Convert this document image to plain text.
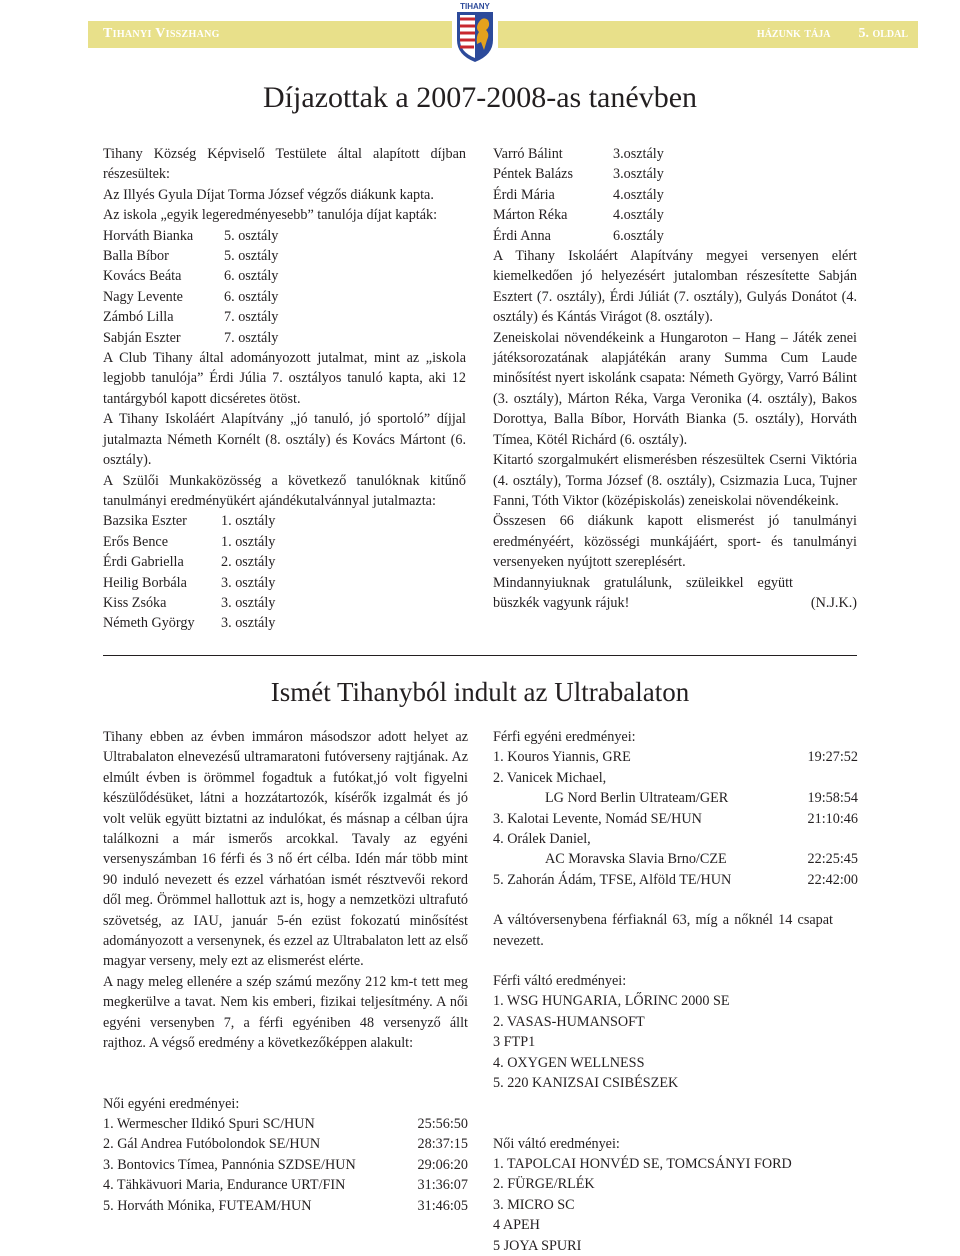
Tihanyi Visszhang	házunk tája 5. oldal
TIHANY
Díjazottak a 2007-2008-as tanévben

Tihany Község Képviselő Testülete által alapított díjban részesültek:

Az Illyés Gyula Díjat Torma József végzős diákunk kapta.

Az iskola „egyik legeredményesebb” tanulója díjat kapták:

Horváth Bianka	5. osztály
Balla Bíbor	5. osztály
Kovács Beáta	6. osztály
Nagy Levente	6. osztály
Zámbó Lilla	7. osztály
Sabján Eszter	7. osztály

A Club Tihany által adományozott jutalmat, mint az „iskola legjobb tanulója” Érdi Júlia 7. osztályos tanuló kapta, aki 12 tantárgyból kapott dicséretes ötöst.

A Tihany Iskoláért Alapítvány „jó tanuló, jó sportoló” díjjal jutalmazta Németh Kornélt (8. osztály) és Kovács Mártont (6. osztály).

A Szülői Munkaközösség a következő tanulóknak kitűnő tanulmányi eredményükért ajándékutalvánnyal jutalmazta:

Bazsika Eszter	1. osztály
Erős Bence	1. osztály
Érdi Gabriella	2. osztály
Heilig Borbála	3. osztály
Kiss Zsóka	3. osztály
Németh György	3. osztály
Varró Bálint	3.osztály
Péntek Balázs	3.osztály
Érdi Mária	4.osztály
Márton Réka	4.osztály
Érdi Anna	6.osztály

A Tihany Iskoláért Alapítvány megyei versenyen elért kiemelkedően jó helyezésért jutalomban részesítette Sabján Esztert (7. osztály), Érdi Júliát (7. osztály), Gulyás Donátot (4. osztály) és Kántás Virágot (8. osztály).

Zeneiskolai növendékeink a Hungaroton – Hang – Játék zenei játéksorozatának alapjátékán arany Summa Cum Laude minősítést nyert iskolánk csapata: Németh György, Varró Bálint (3. osztály), Márton Réka, Varga Veronika (4. osztály), Bakos Dorottya, Balla Bíbor, Horváth Bianka (5. osztály), Horváth Tímea, Kötél Richárd (6. osztály).

Kitartó szorgalmukért elismerésben részesültek Cserni Viktória (4. osztály), Torma József (8. osztály), Csizmazia Luca, Tujner Fanni, Tóth Viktor (középiskolás) zeneiskolai növendékeink.

Összesen 66 diákunk kapott elismerést jó tanulmányi eredményéért, közösségi munkájáért, sport- és tanulmányi versenyeken nyújtott szereplésért.

Mindannyiuknak gratulálunk, szüleikkel együtt büszkék vagyunk rájuk!	(N.J.K.)
Ismét Tihanyból indult az Ultrabalaton

Tihany ebben az évben immáron másodszor adott helyet az Ultrabalaton elnevezésű ultramaratoni futóverseny rajtjának. Az elmúlt évben is örömmel fogadtuk a futókat,jó volt figyelni készülődésüket, látni a hozzátartozók, kísérők izgalmát és jó volt velük együtt biztatni az indulókat, és másnap a célban újra találkozni a már ismerős arcokkal. Tavaly az egyéni versenyszámban 16 férfi és 3 nő ért célba. Idén már több mint 90 induló nevezett és ezzel várhatóan ismét résztvevői rekord dől meg. Örömmel hallottuk azt is, hogy a nemzetközi ultrafutó szövetség, az IAU, január 5-én ezüst fokozatú minősítést adományozott a versenynek, és ezzel az Ultrabalaton lett az első magyar verseny, mely ezt az elismerést elérte.

A nagy meleg ellenére a szép számú mezőny 212 km-t tett meg megkerülve a tavat. Nem kis emberi, fizikai teljesítmény. A női egyéni versenyben 7, a férfi egyéniben 48 versenyző állt rajthoz. A végső eredmény a következőképpen alakult:

Női egyéni eredményei:
1. Wermescher Ildikó Spuri SC/HUN	25:56:50
2. Gál Andrea Futóbolondok SE/HUN	28:37:15
3. Bontovics Tímea, Pannónia SZDSE/HUN	29:06:20
4. Tähkävuori Maria, Endurance URT/FIN	31:36:07
5. Horváth Mónika, FUTEAM/HUN	31:46:05
Férfi egyéni eredményei:
1. Kouros Yiannis, GRE	19:27:52
2. Vanicek Michael,
LG Nord Berlin Ultrateam/GER	19:58:54
3. Kalotai Levente, Nomád SE/HUN	21:10:46
4. Orálek Daniel,
AC Moravska Slavia Brno/CZE	22:25:45
5. Zahorán Ádám, TFSE, Alföld TE/HUN	22:42:00

A váltóversenybena férfiaknál 63, míg a nőknél 14 csapat nevezett.

Férfi váltó eredményei:
1. WSG HUNGARIA, LŐRINC 2000 SE
2. VASAS-HUMANSOFT
3 FTP1
4. OXYGEN WELLNESS
5. 220 KANIZSAI CSIBÉSZEK
Női váltó eredményei:
1. TAPOLCAI HONVÉD SE, TOMCSÁNYI FORD
2. FÜRGE/RLÉK
3. MICRO SC
4 APEH
5 JOYA SPURI
